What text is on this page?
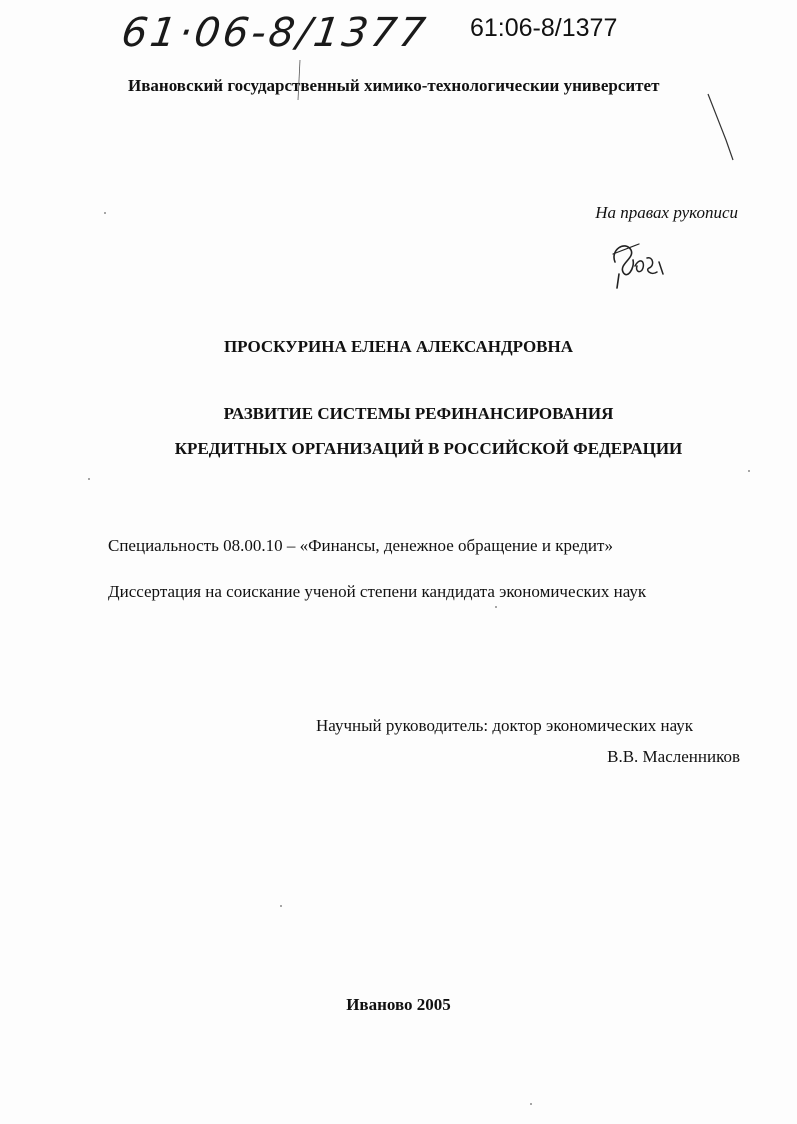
61·06-8/1377 61:06-8/1377
Ивановский государственный химико-технологическии университет
На правах рукописи
ПРОСКУРИНА ЕЛЕНА АЛЕКСАНДРОВНА
РАЗВИТИЕ СИСТЕМЫ РЕФИНАНСИРОВАНИЯ
КРЕДИТНЫХ ОРГАНИЗАЦИЙ В РОССИЙСКОЙ ФЕДЕРАЦИИ
Специальность 08.00.10 – «Финансы, денежное обращение и кредит»
Диссертация на соискание ученой степени кандидата экономических наук
Научный руководитель: доктор экономических наук
В.В. Масленников
Иваново 2005
